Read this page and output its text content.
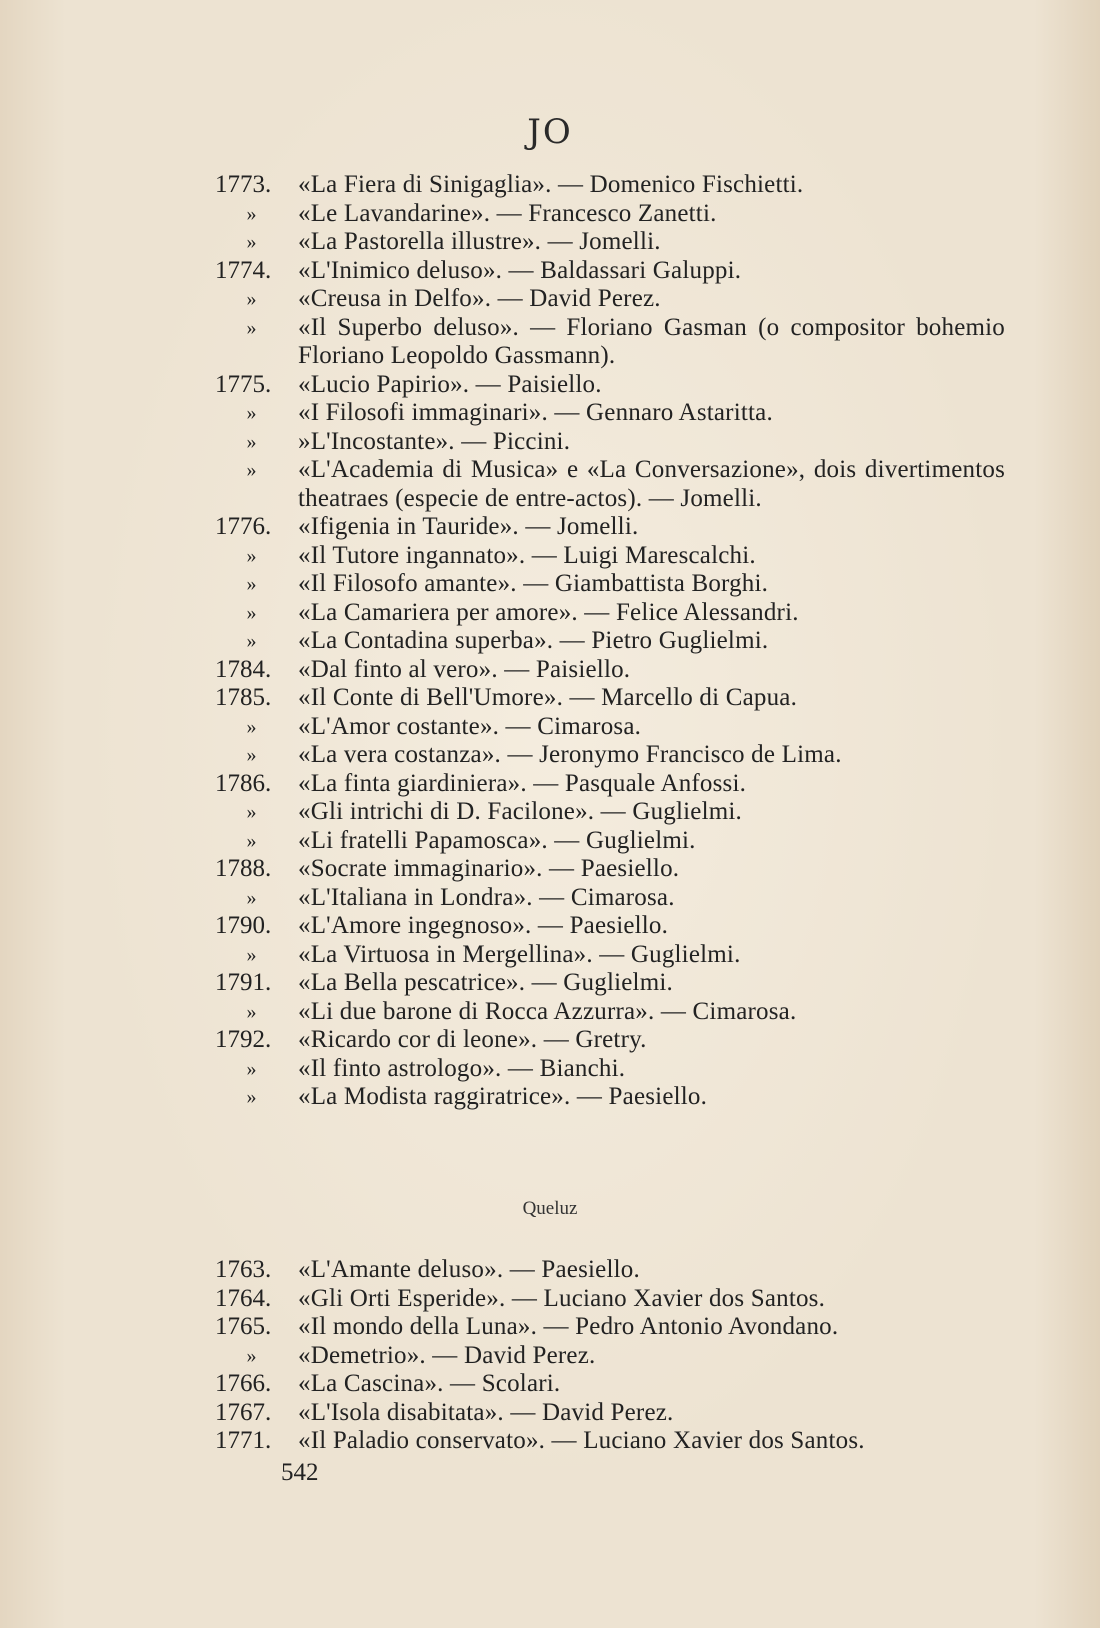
JO
1773.	«La Fiera di Sinigaglia». — Domenico Fischietti.
»	«Le Lavandarine». — Francesco Zanetti.
»	«La Pastorella illustre». — Jomelli.
1774.	«L'Inimico deluso». — Baldassari Galuppi.
»	«Creusa in Delfo». — David Perez.
»	«Il Superbo deluso». — Floriano Gasman (o compositor bohemio Floriano Leopoldo Gassmann).
1775.	«Lucio Papirio». — Paisiello.
»	«I Filosofi immaginari». — Gennaro Astaritta.
»	»L'Incostante». — Piccini.
»	«L'Academia di Musica» e «La Conversazione», dois divertimentos theatraes (especie de entre-actos). — Jomelli.
1776.	«Ifigenia in Tauride». — Jomelli.
»	«Il Tutore ingannato». — Luigi Marescalchi.
»	«Il Filosofo amante». — Giambattista Borghi.
»	«La Camariera per amore». — Felice Alessandri.
»	«La Contadina superba». — Pietro Guglielmi.
1784.	«Dal finto al vero». — Paisiello.
1785.	«Il Conte di Bell'Umore». — Marcello di Capua.
»	«L'Amor costante». — Cimarosa.
»	«La vera costanza». — Jeronymo Francisco de Lima.
1786.	«La finta giardiniera». — Pasquale Anfossi.
»	«Gli intrichi di D. Facilone». — Guglielmi.
»	«Li fratelli Papamosca». — Guglielmi.
1788.	«Socrate immaginario». — Paesiello.
»	«L'Italiana in Londra». — Cimarosa.
1790.	«L'Amore ingegnoso». — Paesiello.
»	«La Virtuosa in Mergellina». — Guglielmi.
1791.	«La Bella pescatrice». — Guglielmi.
»	«Li due barone di Rocca Azzurra». — Cimarosa.
1792.	«Ricardo cor di leone». — Gretry.
»	«Il finto astrologo». — Bianchi.
»	«La Modista raggiratrice». — Paesiello.
Queluz
1763.	«L'Amante deluso». — Paesiello.
1764.	«Gli Orti Esperide». — Luciano Xavier dos Santos.
1765.	«Il mondo della Luna». — Pedro Antonio Avondano.
»	«Demetrio». — David Perez.
1766.	«La Cascina». — Scolari.
1767.	«L'Isola disabitata». — David Perez.
1771.	«Il Paladio conservato». — Luciano Xavier dos Santos.
542
